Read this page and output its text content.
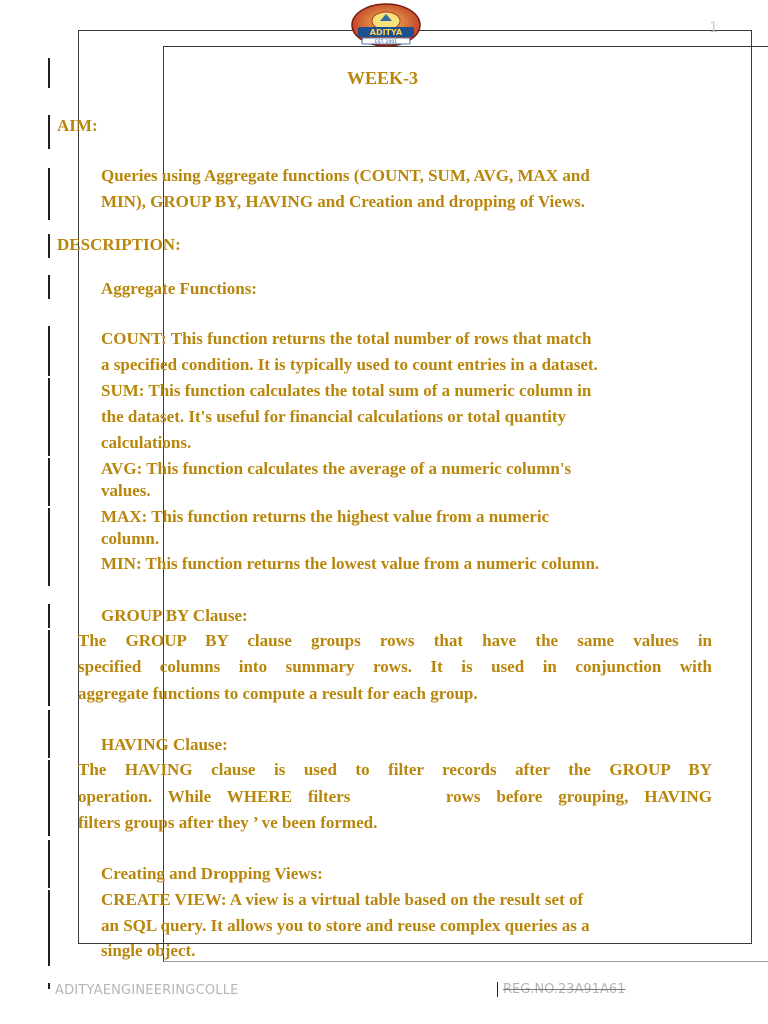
ADITYA
EST. 2001
1
WEEK-3
AIM:
Queries using Aggregate functions (COUNT, SUM, AVG, MAX and
MIN), GROUP BY, HAVING and Creation and dropping of Views.
DESCRIPTION:
Aggregate Functions:
COUNT: This function returns the total number of rows that match
a specified condition. It is typically used to count entries in a dataset.
SUM: This function calculates the total sum of a numeric column in
the dataset. It's useful for financial calculations or total quantity
calculations.
AVG: This function calculates the average of a numeric column's
values.
MAX: This function returns the highest value from a numeric
column.
MIN: This function returns the lowest value from a numeric column.
GROUP BY Clause:
The GROUP BY clause groups rows that have the same values in
specified columns into summary rows. It is used in conjunction with
aggregate functions to compute a result for each group.
HAVING Clause:
The HAVING clause is used to filter records after the GROUP BY
operation. While WHERE filters      rows before grouping, HAVING
filters groups after they ’ ve been formed.
Creating and Dropping Views:
CREATE VIEW: A view is a virtual table based on the result set of
an SQL query. It allows you to store and reuse complex queries as a
single object.
ADITYAENGINEERINGCOLLE	REG.NO.23A91A61
